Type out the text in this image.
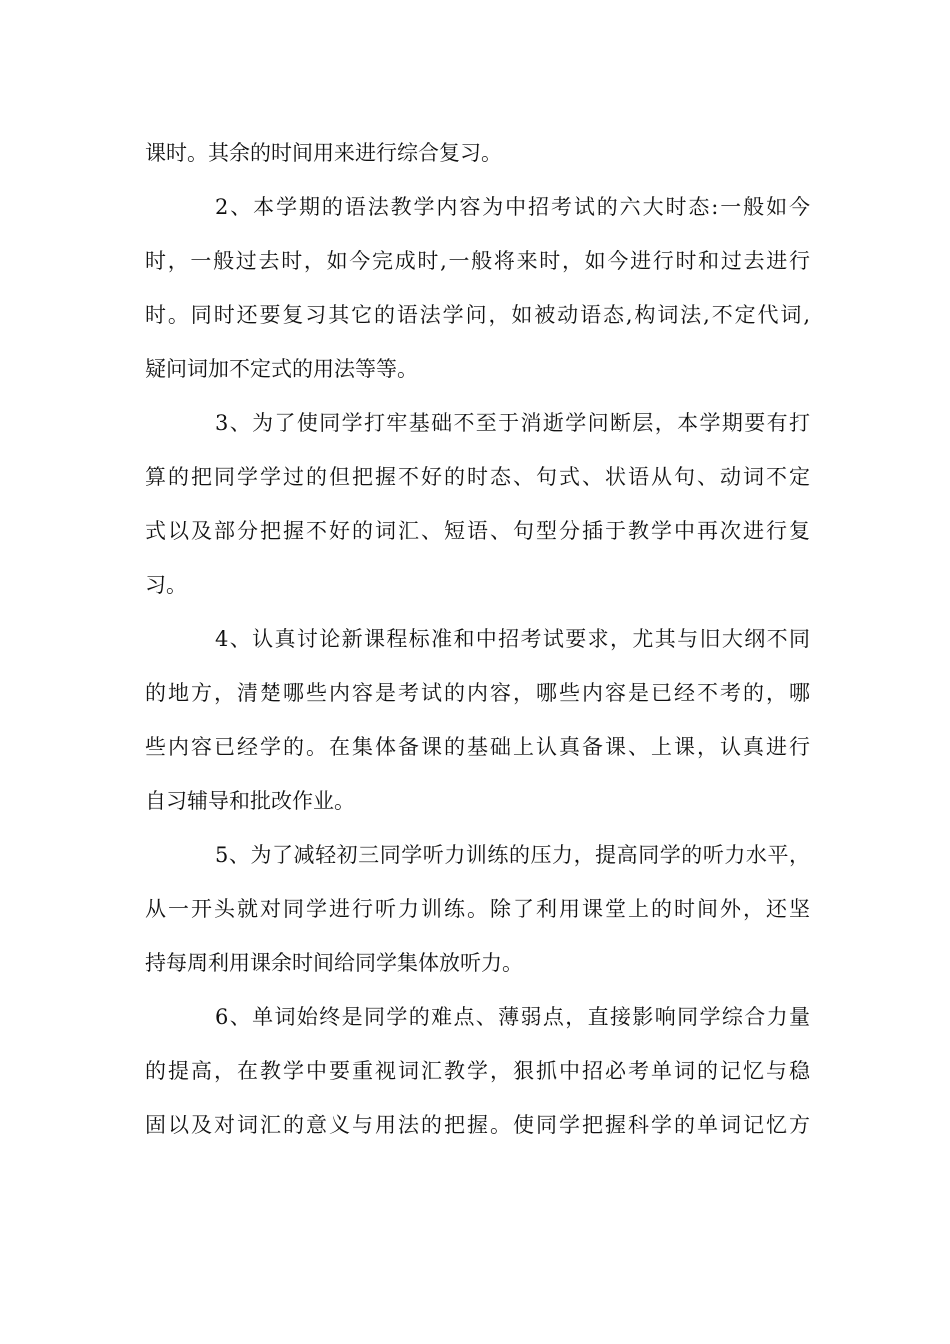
课时。其余的时间用来进行综合复习。
2、本学期的语法教学内容为中招考试的六大时态:一般如今
时，一般过去时，如今完成时,一般将来时，如今进行时和过去进行
时。同时还要复习其它的语法学问，如被动语态,构词法,不定代词,
疑问词加不定式的用法等等。
3、为了使同学打牢基础不至于消逝学问断层，本学期要有打
算的把同学学过的但把握不好的时态、句式、状语从句、动词不定
式以及部分把握不好的词汇、短语、句型分插于教学中再次进行复
习。
4、认真讨论新课程标准和中招考试要求，尤其与旧大纲不同
的地方，清楚哪些内容是考试的内容，哪些内容是已经不考的，哪
些内容已经学的。在集体备课的基础上认真备课、上课，认真进行
自习辅导和批改作业。
5、为了减轻初三同学听力训练的压力，提高同学的听力水平，
从一开头就对同学进行听力训练。除了利用课堂上的时间外，还坚
持每周利用课余时间给同学集体放听力。
6、单词始终是同学的难点、薄弱点，直接影响同学综合力量
的提高，在教学中要重视词汇教学，狠抓中招必考单词的记忆与稳
固以及对词汇的意义与用法的把握。使同学把握科学的单词记忆方
